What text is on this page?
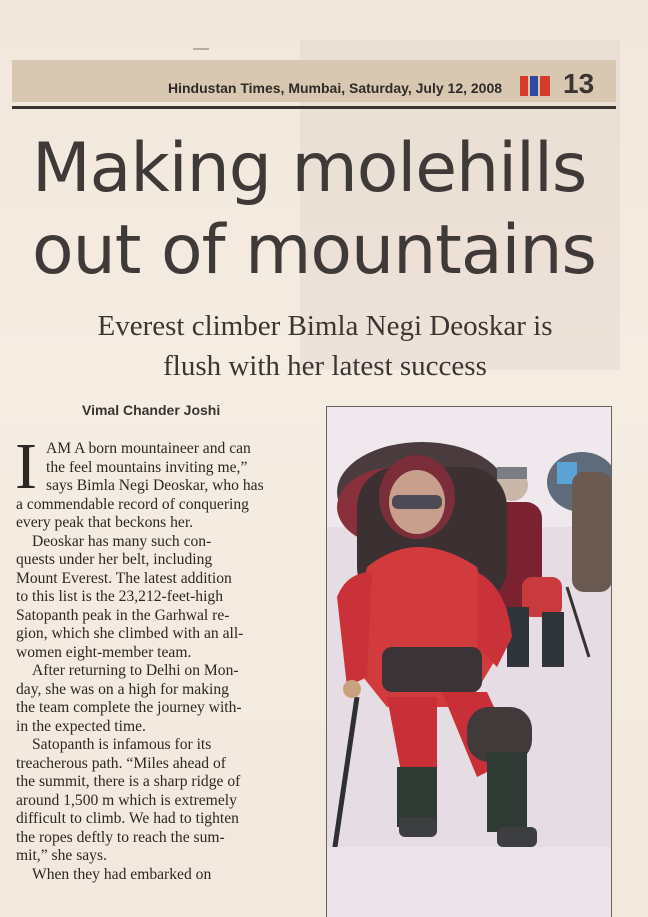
Hindustan Times, Mumbai, Saturday, July 12, 2008 13
Making molehills
out of mountains
Everest climber Bimla Negi Deoskar is
flush with her latest success
Vimal Chander Joshi
I AM A born mountaineer and can
the feel mountains inviting me,”
says Bimla Negi Deoskar, who has
a commendable record of conquering
every peak that beckons her.
Deoskar has many such con-
quests under her belt, including
Mount Everest. The latest addition
to this list is the 23,212-feet-high
Satopanth peak in the Garhwal re-
gion, which she climbed with an all-
women eight-member team.
After returning to Delhi on Mon-
day, she was on a high for making
the team complete the journey with-
in the expected time.
Satopanth is infamous for its
treacherous path. “Miles ahead of
the summit, there is a sharp ridge of
around 1,500 m which is extremely
difficult to climb. We had to tighten
the ropes deftly to reach the sum-
mit,” she says.
When they had embarked on
